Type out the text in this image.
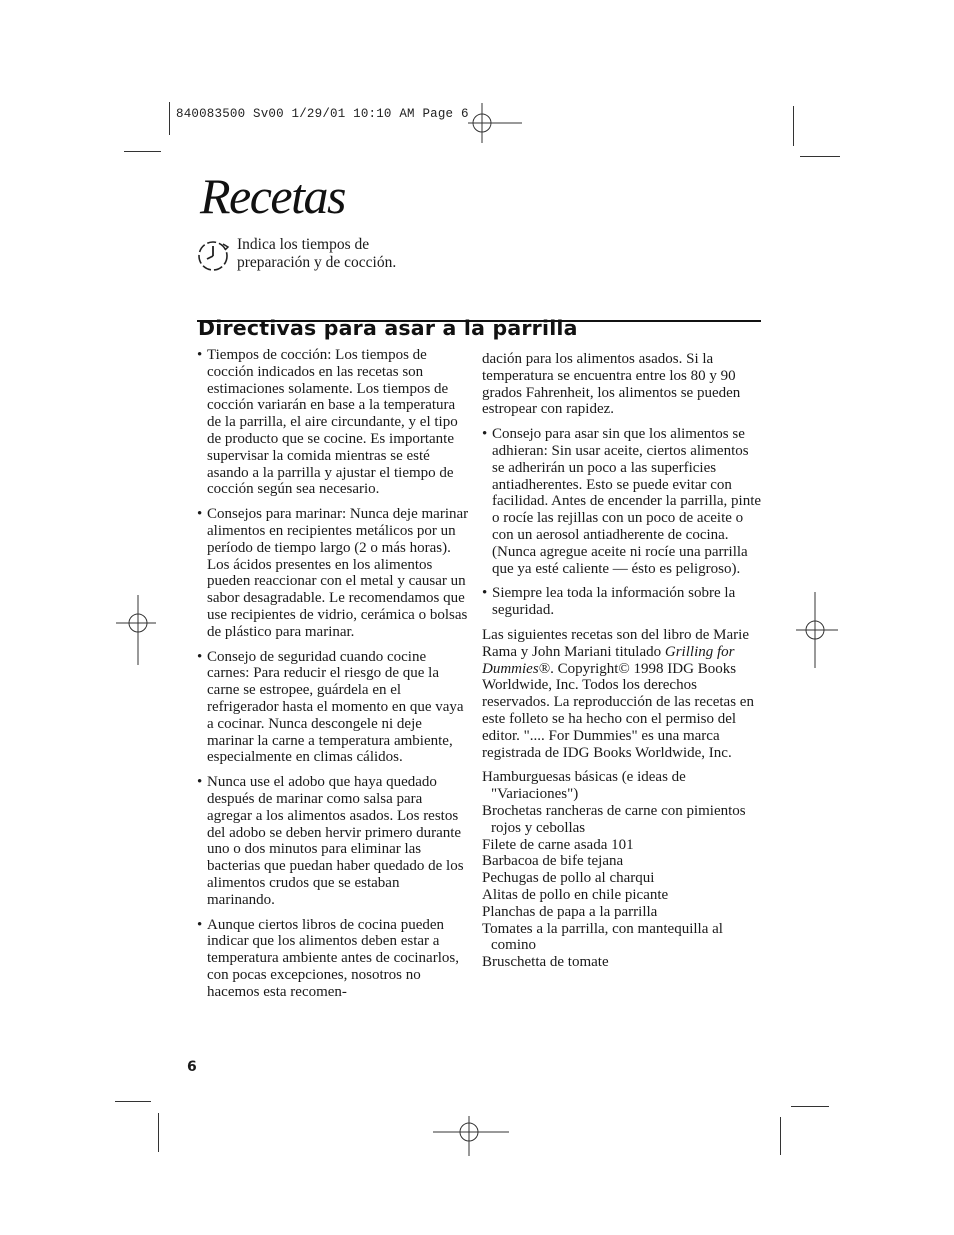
840083500 Sv00 1/29/01 10:10 AM Page 6
Recetas
Indica los tiempos de preparación y de cocción.
Directivas para asar a la parrilla
• Tiempos de cocción: Los tiempos de cocción indicados en las recetas son estimaciones solamente. Los tiempos de cocción variarán en base a la temperatura de la parrilla, el aire circundante, y el tipo de producto que se cocine. Es importante supervisar la comida mientras se esté asando a la parrilla y ajustar el tiempo de cocción según sea necesario.
• Consejos para marinar: Nunca deje marinar alimentos en recipientes metálicos por un período de tiempo largo (2 o más horas). Los ácidos presentes en los alimentos pueden reaccionar con el metal y causar un sabor desagradable. Le recomendamos que use recipientes de vidrio, cerámica o bolsas de plástico para marinar.
• Consejo de seguridad cuando cocine carnes: Para reducir el riesgo de que la carne se estropee, guárdela en el refrigerador hasta el momento en que vaya a cocinar. Nunca descongele ni deje marinar la carne a temperatura ambiente, especialmente en climas cálidos.
• Nunca use el adobo que haya quedado después de marinar como salsa para agregar a los alimentos asados. Los restos del adobo se deben hervir primero durante uno o dos minutos para eliminar las bacterias que puedan haber quedado de los alimentos crudos que se estaban marinando.
• Aunque ciertos libros de cocina pueden indicar que los alimentos deben estar a temperatura ambiente antes de cocinarlos, con pocas excepciones, nosotros no hacemos esta recomen-
dación para los alimentos asados. Si la temperatura se encuentra entre los 80 y 90 grados Fahrenheit, los alimentos se pueden estropear con rapidez.
• Consejo para asar sin que los alimentos se adhieran: Sin usar aceite, ciertos alimentos se adherirán un poco a las superficies antiadherentes. Esto se puede evitar con facilidad. Antes de encender la parrilla, pinte o rocíe las rejillas con un poco de aceite o con un aerosol antiadherente de cocina. (Nunca agregue aceite ni rocíe una parrilla que ya esté caliente — ésto es peligroso).
• Siempre lea toda la información sobre la seguridad.
Las siguientes recetas son del libro de Marie Rama y John Mariani titulado Grilling for Dummies®. Copyright© 1998 IDG Books Worldwide, Inc. Todos los derechos reservados. La reproducción de las recetas en este folleto se ha hecho con el permiso del editor. ".... For Dummies" es una marca registrada de IDG Books Worldwide, Inc.
Hamburguesas básicas (e ideas de "Variaciones")
Brochetas rancheras de carne con pimientos rojos y cebollas
Filete de carne asada 101
Barbacoa de bife tejana
Pechugas de pollo al charqui
Alitas de pollo en chile picante
Planchas de papa a la parrilla
Tomates a la parrilla, con mantequilla al comino
Bruschetta de tomate
6
